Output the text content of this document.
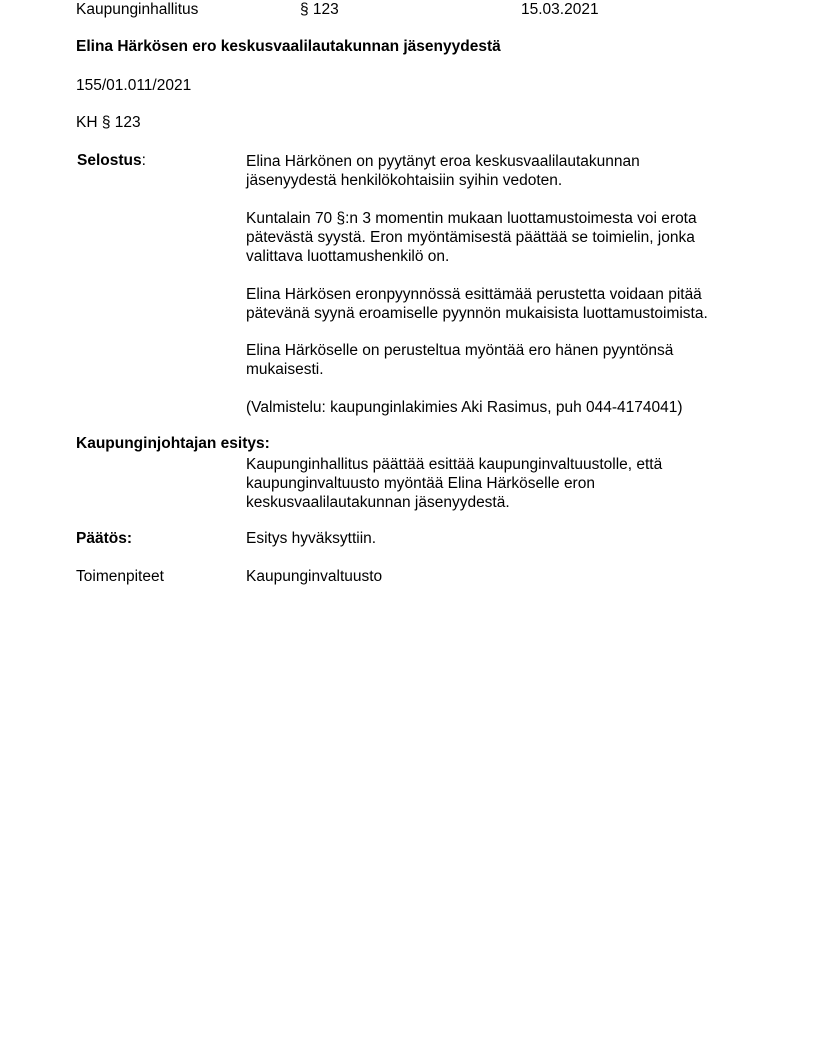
Kaupunginhallitus	§ 123	15.03.2021
Elina Härkösen ero keskusvaalilautakunnan jäsenyydestä
155/01.011/2021
KH § 123
Selostus:	Elina Härkönen on pyytänyt eroa keskusvaalilautakunnan
jäsenyydestä henkilökohtaisiin syihin vedoten.
Kuntalain 70 §:n 3 momentin mukaan luottamustoimesta voi erota
pätevästä syystä. Eron myöntämisestä päättää se toimielin, jonka
valittava luottamushenkilö on.
Elina Härkösen eronpyynnössä esittämää perustetta voidaan pitää
pätevänä syynä eroamiselle pyynnön mukaisista luottamustoimista.
Elina Härköselle on perusteltua myöntää ero hänen pyyntönsä
mukaisesti.
(Valmistelu: kaupunginlakimies Aki Rasimus, puh 044-4174041)
Kaupunginjohtajan esitys:
Kaupunginhallitus päättää esittää kaupunginvaltuustolle, että
kaupunginvaltuusto myöntää Elina Härköselle eron
keskusvaalilautakunnan jäsenyydestä.
Päätös:	Esitys hyväksyttiin.
Toimenpiteet	Kaupunginvaltuusto
